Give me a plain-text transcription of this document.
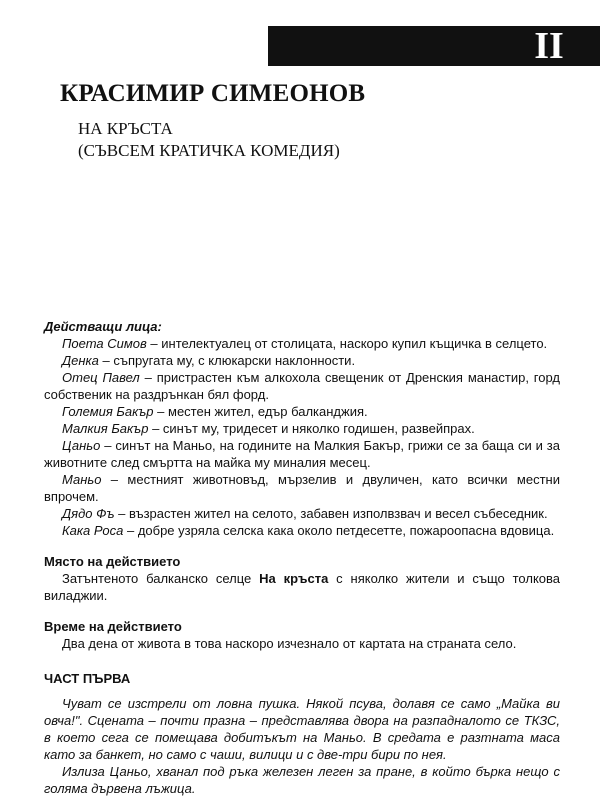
II
КРАСИМИР СИМЕОНОВ
НА КРЪСТА
(СЪВСЕМ КРАТИЧКА КОМЕДИЯ)
Действащи лица:
Поета Симов – интелектуалец от столицата, наскоро купил къщичка в селцето.
Денка – съпругата му, с клюкарски наклонности.
Отец Павел – пристрастен към алкохола свещеник от Дренския манастир, горд собственик на раздрънкан бял форд.
Големия Бакър – местен жител, едър балканджия.
Малкия Бакър – синът му, тридесет и няколко годишен, развейпрах.
Цаньо – синът на Маньо, на годините на Малкия Бакър, грижи се за баща си и за животните след смъртта на майка му миналия месец.
Маньо – местният животновъд, мързелив и двуличен, като всички местни впрочем.
Дядо Фъ – възрастен жител на селото, забавен изполвзвач и весел събеседник.
Кака Роса – добре узряла селска кака около петдесетте, пожароопасна вдовица.
Място на действието
Затънтеното балканско селце На кръста с няколко жители и също толкова виладжии.
Време на действието
Два дена от живота в това наскоро изчезнало от картата на страната село.
ЧАСТ ПЪРВА
Чуват се изстрели от ловна пушка. Някой псува, долавя се само „Майка ви овча!". Сцената – почти празна – представлява двора на разпадналото се ТКЗС, в което сега се помещава добитъкът на Маньо. В средата е разтната маса като за банкет, но само с чаши, вилици и с две-три бири по нея.
Излиза Цаньо, хванал под ръка железен леген за пране, в който бърка нещо с голяма дървена лъжица.
